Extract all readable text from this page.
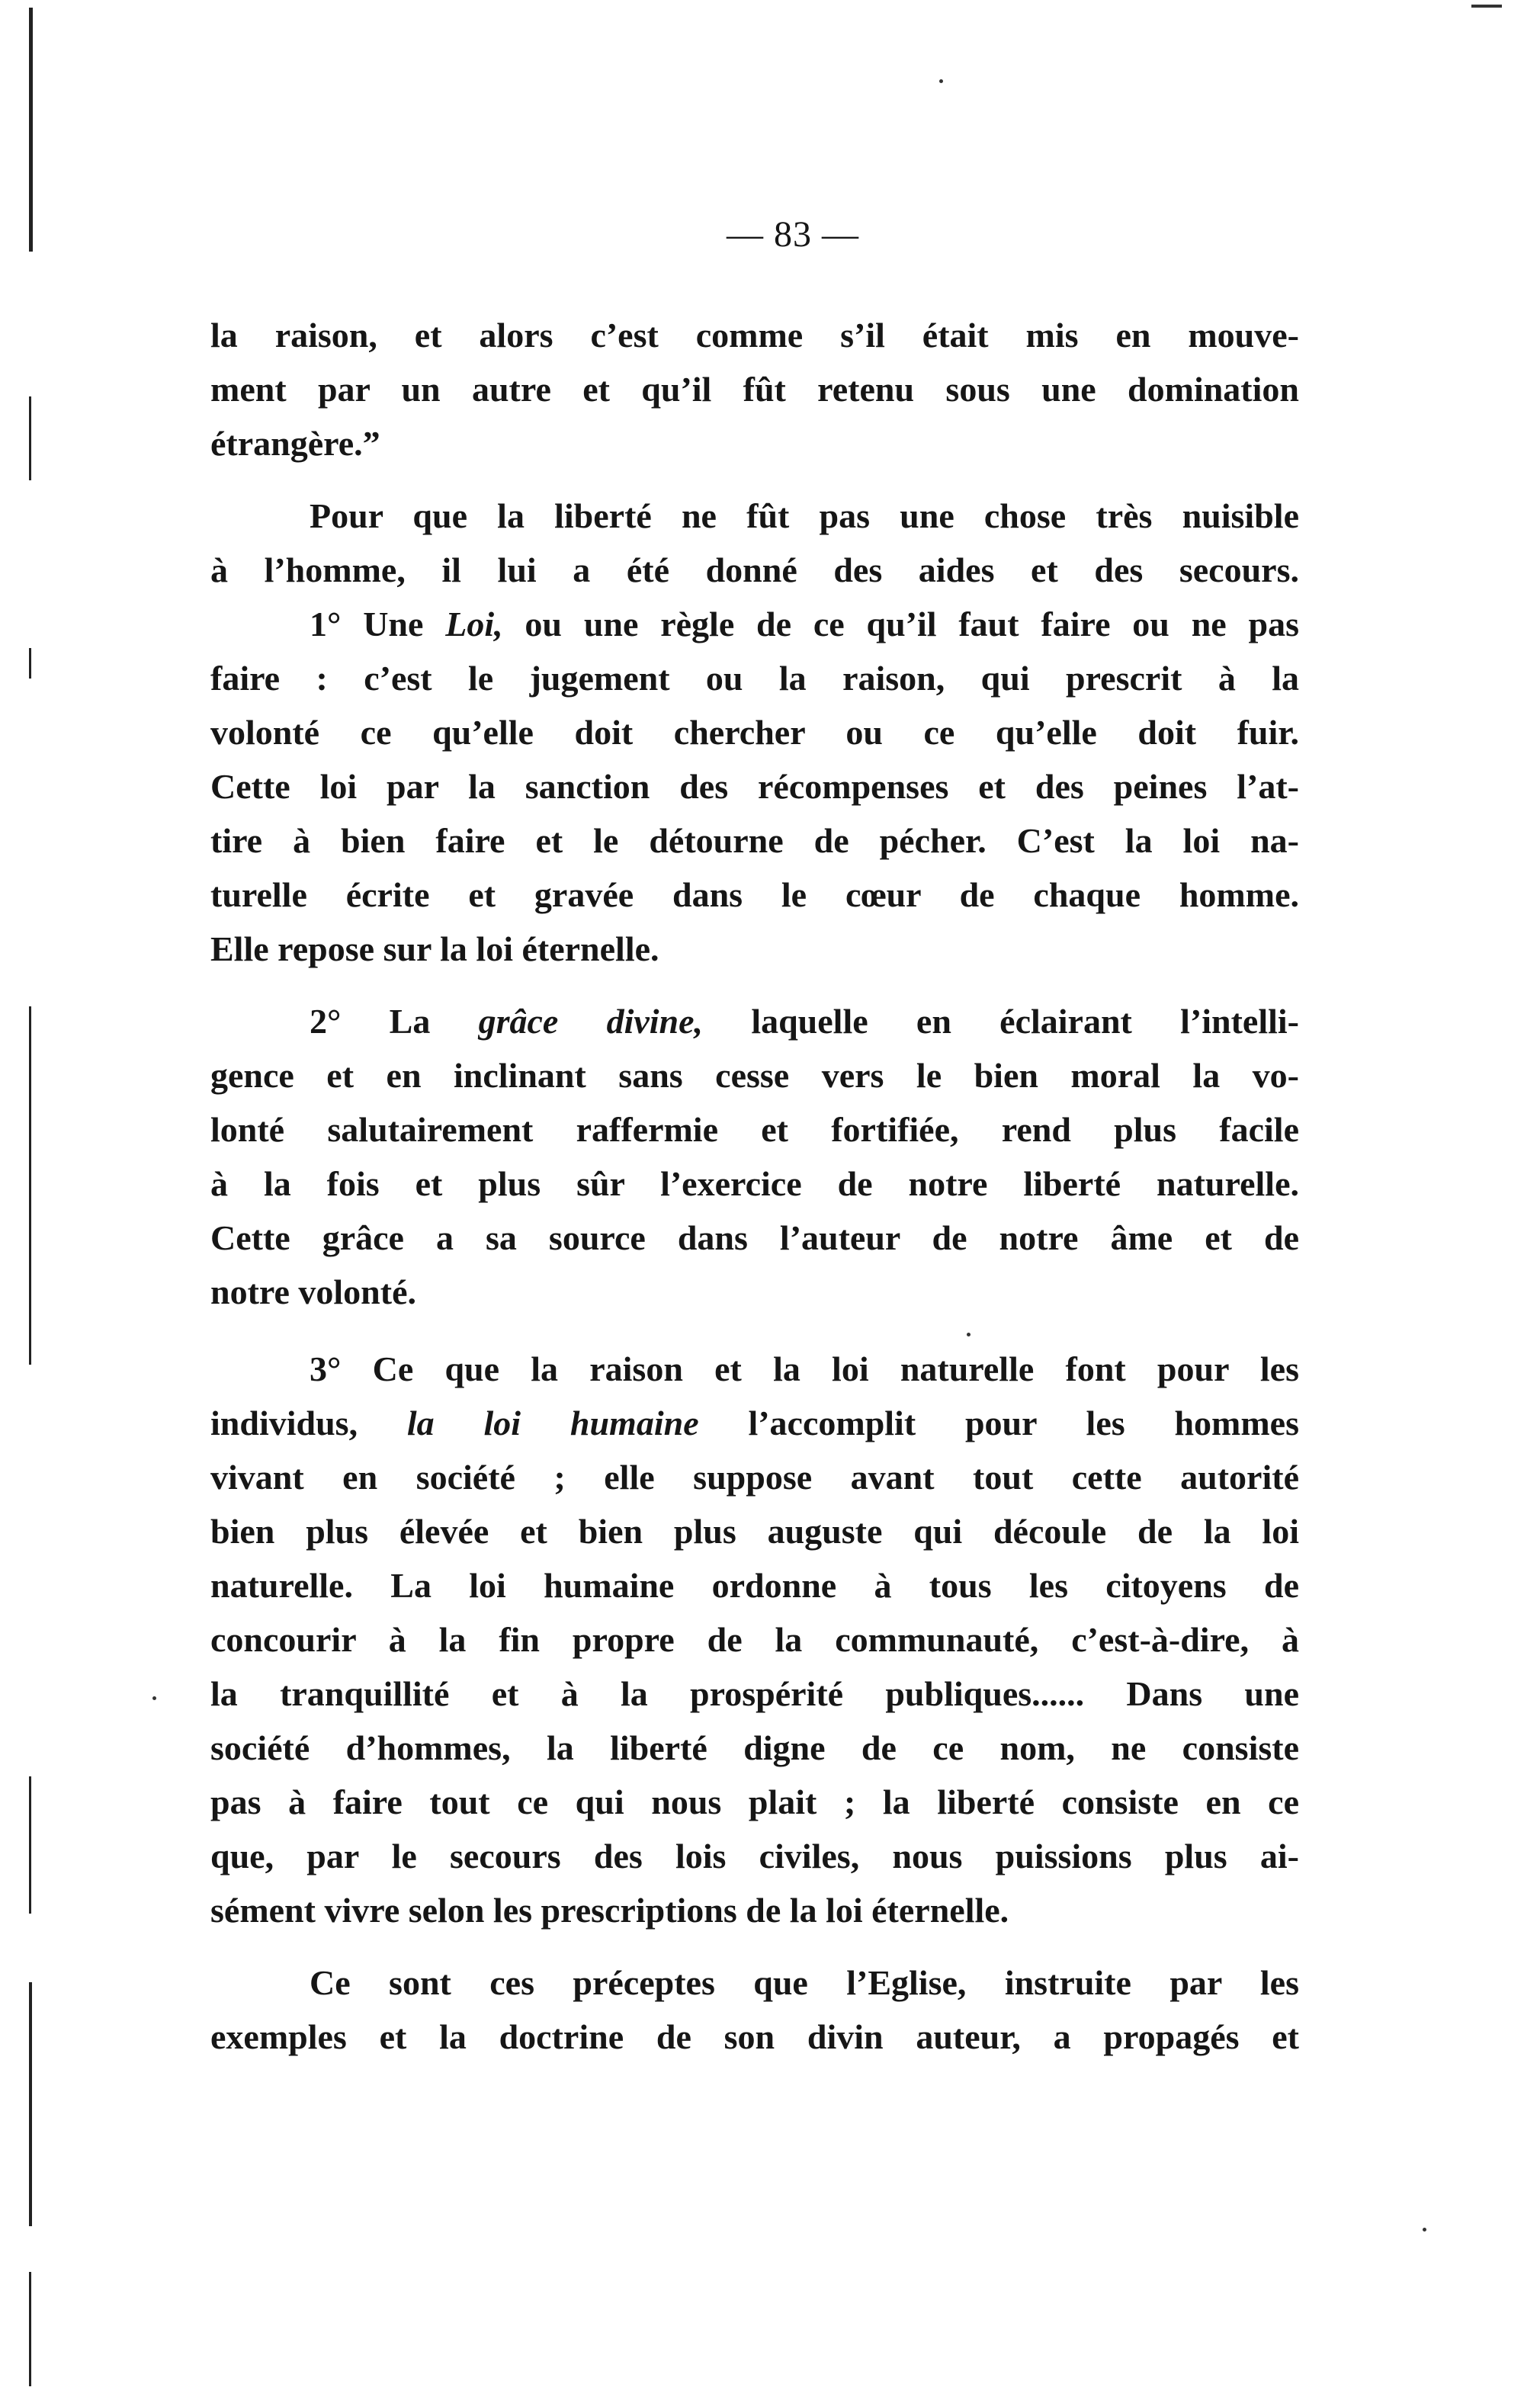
— 83 —
la raison, et alors c’est comme s’il était mis en mouve-
ment par un autre et qu’il fût retenu sous une domination
étrangère.”
Pour que la liberté ne fût pas une chose très nuisible
à l’homme, il lui a été donné des aides et des secours.
1° Une Loi, ou une règle de ce qu’il faut faire ou ne pas
faire : c’est le jugement ou la raison, qui prescrit à la
volonté ce qu’elle doit chercher ou ce qu’elle doit fuir.
Cette loi par la sanction des récompenses et des peines l’at-
tire à bien faire et le détourne de pécher. C’est la loi na-
turelle écrite et gravée dans le cœur de chaque homme.
Elle repose sur la loi éternelle.
2° La grâce divine, laquelle en éclairant l’intelli-
gence et en inclinant sans cesse vers le bien moral la vo-
lonté salutairement raffermie et fortifiée, rend plus facile
à la fois et plus sûr l’exercice de notre liberté naturelle.
Cette grâce a sa source dans l’auteur de notre âme et de
notre volonté.
3° Ce que la raison et la loi naturelle font pour les
individus, la loi humaine l’accomplit pour les hommes
vivant en société ; elle suppose avant tout cette autorité
bien plus élevée et bien plus auguste qui découle de la loi
naturelle. La loi humaine ordonne à tous les citoyens de
concourir à la fin propre de la communauté, c’est-à-dire, à
la tranquillité et à la prospérité publiques...... Dans une
société d’hommes, la liberté digne de ce nom, ne consiste
pas à faire tout ce qui nous plait ; la liberté consiste en ce
que, par le secours des lois civiles, nous puissions plus ai-
sément vivre selon les prescriptions de la loi éternelle.
Ce sont ces préceptes que l’Eglise, instruite par les
exemples et la doctrine de son divin auteur, a propagés et
